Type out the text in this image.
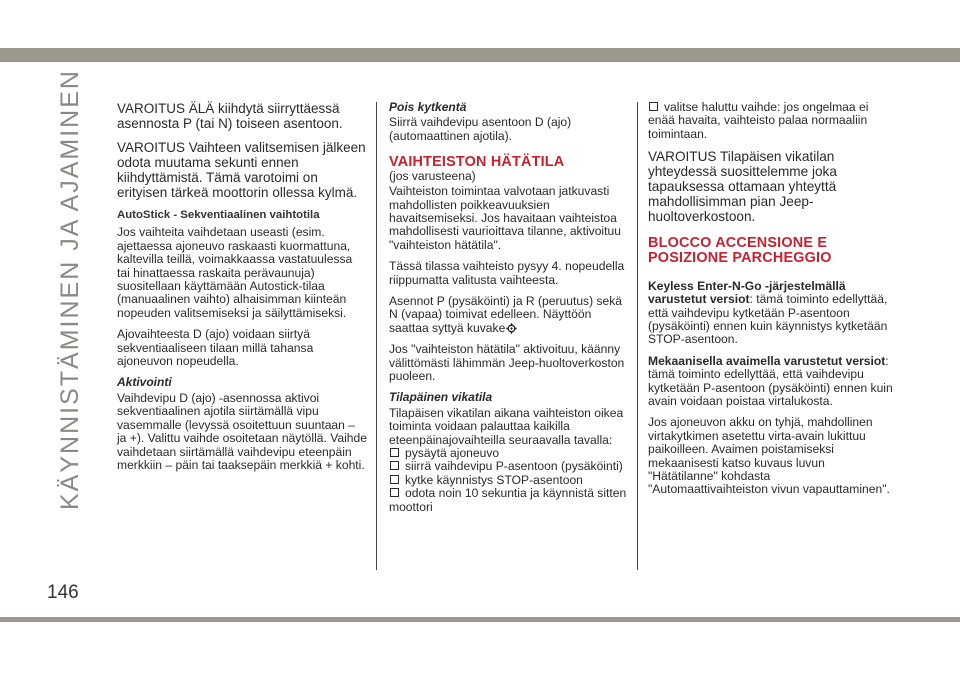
KÄYNNISTÄMINEN JA AJAMINEN	VAROITUS ÄLÄ kiihdytä siirryttäessä asennosta P (tai N) toiseen asentoon.

VAROITUS Vaihteen valitsemisen jälkeen odota muutama sekunti ennen kiihdyttämistä. Tämä varotoimi on erityisen tärkeä moottorin ollessa kylmä.

AutoStick - Sekventiaalinen vaihtotila

Jos vaihteita vaihdetaan useasti (esim. ajettaessa ajoneuvo raskaasti kuormattuna, kaltevilla teillä, voimakkaassa vastatuulessa tai hinattaessa raskaita perävaunuja) suositellaan käyttämään Autostick-tilaa (manuaalinen vaihto) alhaisimman kiinteän nopeuden valitsemiseksi ja säilyttämiseksi.

Ajovaihteesta D (ajo) voidaan siirtyä sekventiaaliseen tilaan millä tahansa ajoneuvon nopeudella.

Aktivointi

Vaihdevipu D (ajo) -asennossa aktivoi sekventiaalinen ajotila siirtämällä vipu vasemmalle (levyssä osoitettuun suuntaan – ja +). Valittu vaihde osoitetaan näytöllä. Vaihde vaihdetaan siirtämällä vaihdevipu eteenpäin merkkiin – päin tai taaksepäin merkkiä + kohti.

Pois kytkentä

Siirrä vaihdevipu asentoon D (ajo) (automaattinen ajotila).

VAIHTEISTON HÄTÄTILA

(jos varusteena)

Vaihteiston toimintaa valvotaan jatkuvasti mahdollisten poikkeavuuksien havaitsemiseksi. Jos havaitaan vaihteistoa mahdollisesti vaurioittava tilanne, aktivoituu "vaihteiston hätätila".

Tässä tilassa vaihteisto pysyy 4. nopeudella riippumatta valitusta vaihteesta.

Asennot P (pysäköinti) ja R (peruutus) sekä N (vapaa) toimivat edelleen. Näyttöön saattaa syttyä kuvake

Jos "vaihteiston hätätila" aktivoituu, käänny välittömästi lähimmän Jeep-huoltoverkoston puoleen.

Tilapäinen vikatila

Tilapäisen vikatilan aikana vaihteiston oikea toiminta voidaan palauttaa kaikilla eteenpäinajovaihteilla seuraavalla tavalla:

pysäytä ajoneuvo
siirrä vaihdevipu P-asentoon (pysäköinti)
kytke käynnistys STOP-asentoon
odota noin 10 sekuntia ja käynnistä sitten moottori

valitse haluttu vaihde: jos ongelmaa ei enää havaita, vaihteisto palaa normaaliin toimintaan.

VAROITUS Tilapäisen vikatilan yhteydessä suosittelemme joka tapauksessa ottamaan yhteyttä mahdollisimman pian Jeep-huoltoverkostoon.

BLOCCO ACCENSIONE E

POSIZIONE PARCHEGGIO

Keyless Enter-N-Go -järjestelmällä varustetut versiot: tämä toiminto edellyttää, että vaihdevipu kytketään P-asentoon (pysäköinti) ennen kuin käynnistys kytketään STOP-asentoon.

Mekaanisella avaimella varustetut versiot: tämä toiminto edellyttää, että vaihdevipu kytketään P-asentoon (pysäköinti) ennen kuin avain voidaan poistaa virtalukosta.

Jos ajoneuvon akku on tyhjä, mahdollinen virtakytkimen asetettu virta-avain lukittuu paikoilleen. Avaimen poistamiseksi mekaanisesti katso kuvaus luvun "Hätätilanne" kohdasta "Automaattivaihteiston vivun vapauttaminen".

146
